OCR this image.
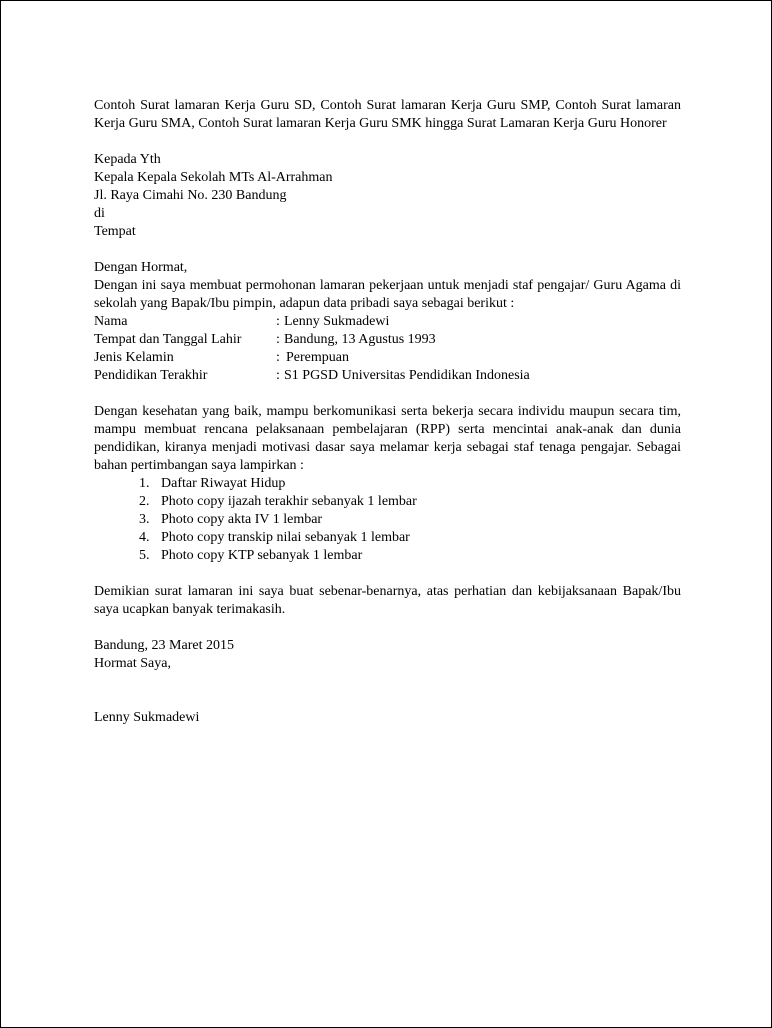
Contoh Surat lamaran Kerja Guru SD, Contoh Surat lamaran Kerja Guru SMP, Contoh Surat lamaran Kerja Guru SMA, Contoh Surat lamaran Kerja Guru SMK hingga Surat Lamaran Kerja Guru Honorer
Kepada Yth
Kepala Kepala Sekolah MTs Al-Arrahman
Jl. Raya Cimahi No. 230 Bandung
di
Tempat
Dengan Hormat,
Dengan ini saya membuat permohonan lamaran pekerjaan untuk menjadi staf pengajar/ Guru Agama di sekolah yang Bapak/Ibu pimpin, adapun data pribadi saya sebagai berikut :
Nama	: Lenny Sukmadewi
Tempat dan Tanggal Lahir	: Bandung, 13 Agustus 1993
Jenis Kelamin	: Perempuan
Pendidikan Terakhir	: S1 PGSD Universitas Pendidikan Indonesia
Dengan kesehatan yang baik, mampu berkomunikasi serta bekerja secara individu maupun secara tim, mampu membuat rencana pelaksanaan pembelajaran (RPP) serta mencintai anak-anak dan dunia pendidikan, kiranya menjadi motivasi dasar saya melamar kerja sebagai staf tenaga pengajar. Sebagai bahan pertimbangan saya lampirkan :
1. Daftar Riwayat Hidup
2. Photo copy ijazah terakhir sebanyak 1 lembar
3. Photo copy akta IV 1 lembar
4. Photo copy transkip nilai sebanyak 1 lembar
5. Photo copy KTP sebanyak 1 lembar
Demikian surat lamaran ini saya buat sebenar-benarnya, atas perhatian dan kebijaksanaan Bapak/Ibu saya ucapkan banyak terimakasih.
Bandung, 23 Maret 2015
Hormat Saya,
Lenny Sukmadewi
